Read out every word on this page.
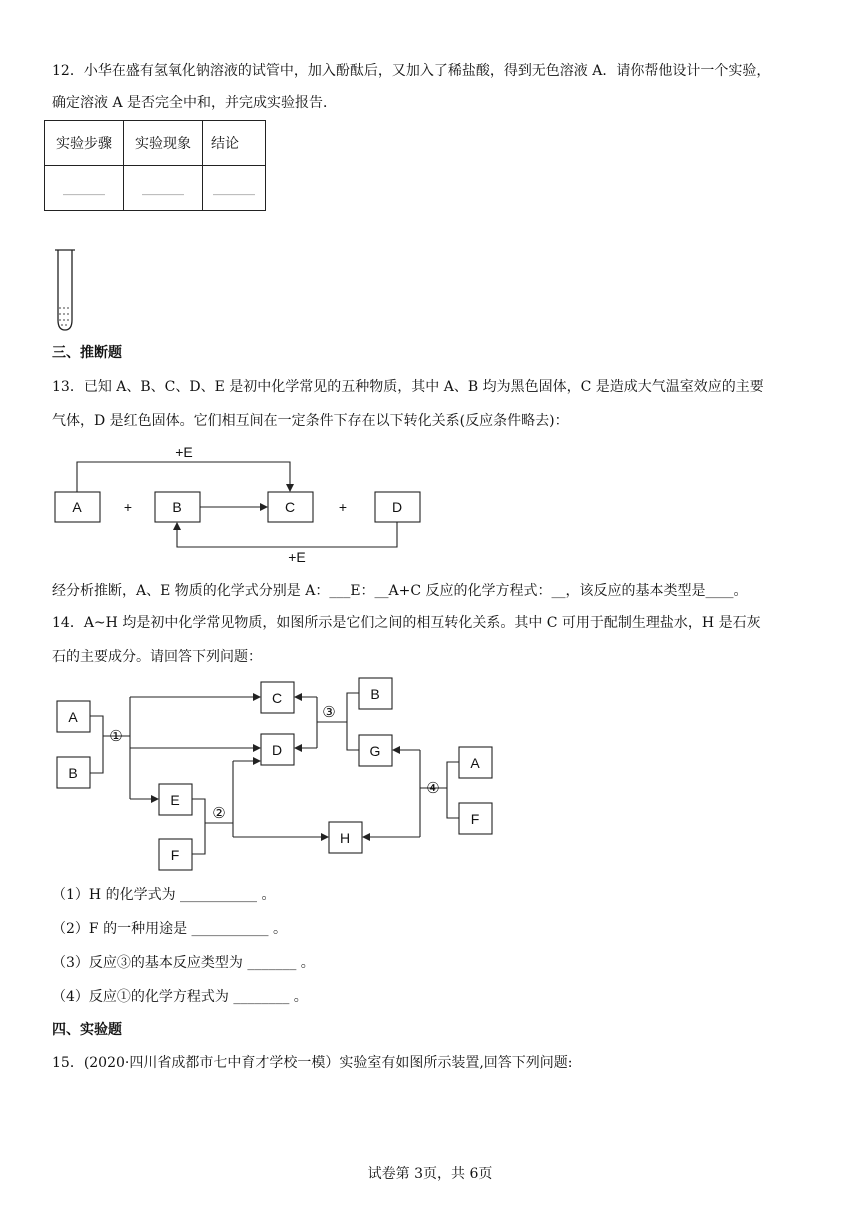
12．小华在盛有氢氧化钠溶液的试管中，加入酚酞后，又加入了稀盐酸，得到无色溶液 A．请你帮他设计一个实验，

确定溶液 A 是否完全中和，并完成实验报告．

实验步骤	实验现象	结论
______	______	______

三、推断题

13．已知 A、B、C、D、E 是初中化学常见的五种物质，其中 A、B 均为黑色固体，C 是造成大气温室效应的主要

气体，D 是红色固体。它们相互间在一定条件下存在以下转化关系(反应条件略去)：

A	B	C	D
+	+
+E
+E

经分析推断，A、E 物质的化学式分别是 A：___E：__A+C 反应的化学方程式：__，该反应的基本类型是____。

14．A~H 均是初中化学常见物质，如图所示是它们之间的相互转化关系。其中 C 可用于配制生理盐水，H 是石灰

石的主要成分。请回答下列问题：

A
B
C
D
E
F
H
B
G
A
F
①
②
③
④

（1）H 的化学式为 ___________ 。

（2）F 的一种用途是 ___________ 。

（3）反应③的基本反应类型为 _______ 。

（4）反应①的化学方程式为 ________ 。

四、实验题

15．(2020·四川省成都市七中育才学校一模）实验室有如图所示装置,回答下列问题:

试卷第 3页，共 6页
